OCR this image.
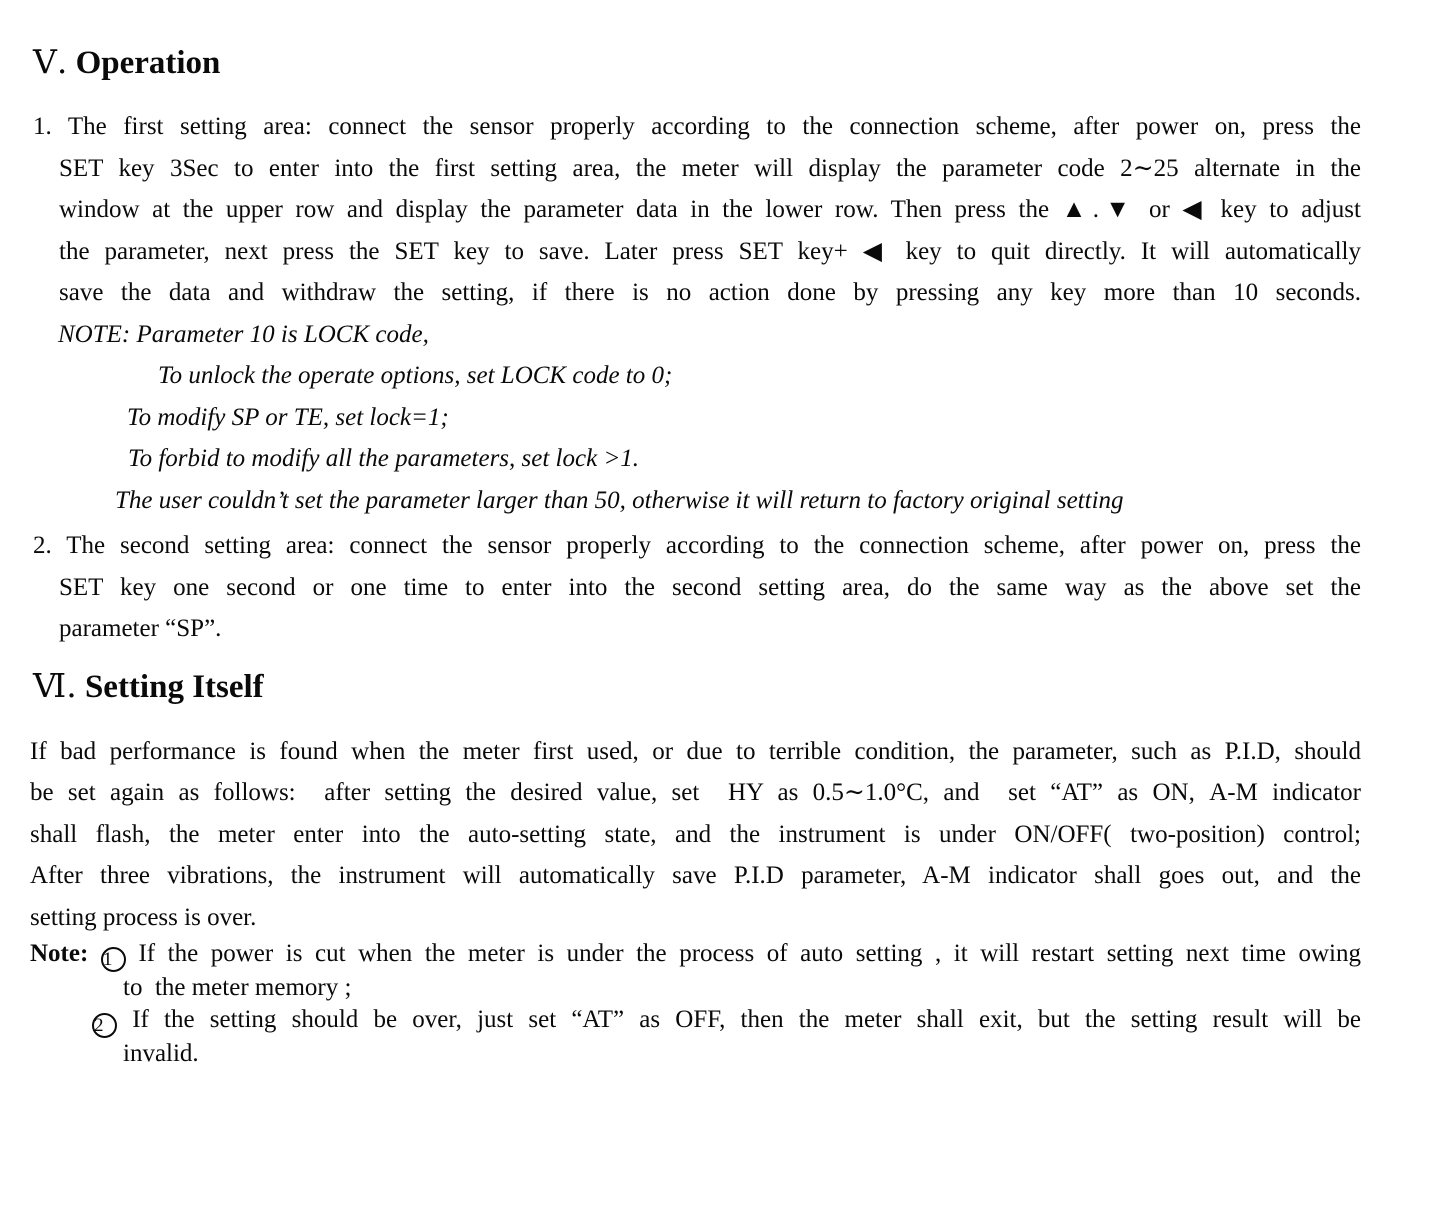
Ⅴ. Operation
1. The first setting area: connect the sensor properly according to the connection scheme, after power on, press the
SET key 3Sec to enter into the first setting area, the meter will display the parameter code 2∼25 alternate in the
window at the upper row and display the parameter data in the lower row. Then press the ▲.▼ or ◀ key to adjust
the parameter, next press the SET key to save. Later press SET key+ ◀ key to quit directly. It will automatically
save the data and withdraw the setting, if there is no action done by pressing any key more than 10 seconds.
NOTE: Parameter 10 is LOCK code,
To unlock the operate options, set LOCK code to 0;
To modify SP or TE, set lock=1;
To forbid to modify all the parameters, set lock >1.
The user couldn’t set the parameter larger than 50, otherwise it will return to factory original setting
2. The second setting area: connect the sensor properly according to the connection scheme, after power on, press the
SET key one second or one time to enter into the second setting area, do the same way as the above set the
parameter “SP”.
Ⅵ. Setting Itself
If bad performance is found when the meter first used, or due to terrible condition, the parameter, such as P.I.D, should
be set again as follows:  after setting the desired value, set  HY as 0.5∼1.0°C, and  set “AT” as ON, A-M indicator
shall flash, the meter enter into the auto-setting state, and the instrument is under ON/OFF( two-position) control;
After three vibrations, the instrument will automatically save P.I.D parameter, A-M indicator shall goes out, and the
setting process is over.
Note: 1 If the power is cut when the meter is under the process of auto setting , it will restart setting next time owing
to  the meter memory ;
2 If the setting should be over, just set “AT” as OFF, then the meter shall exit, but the setting result will be
invalid.
